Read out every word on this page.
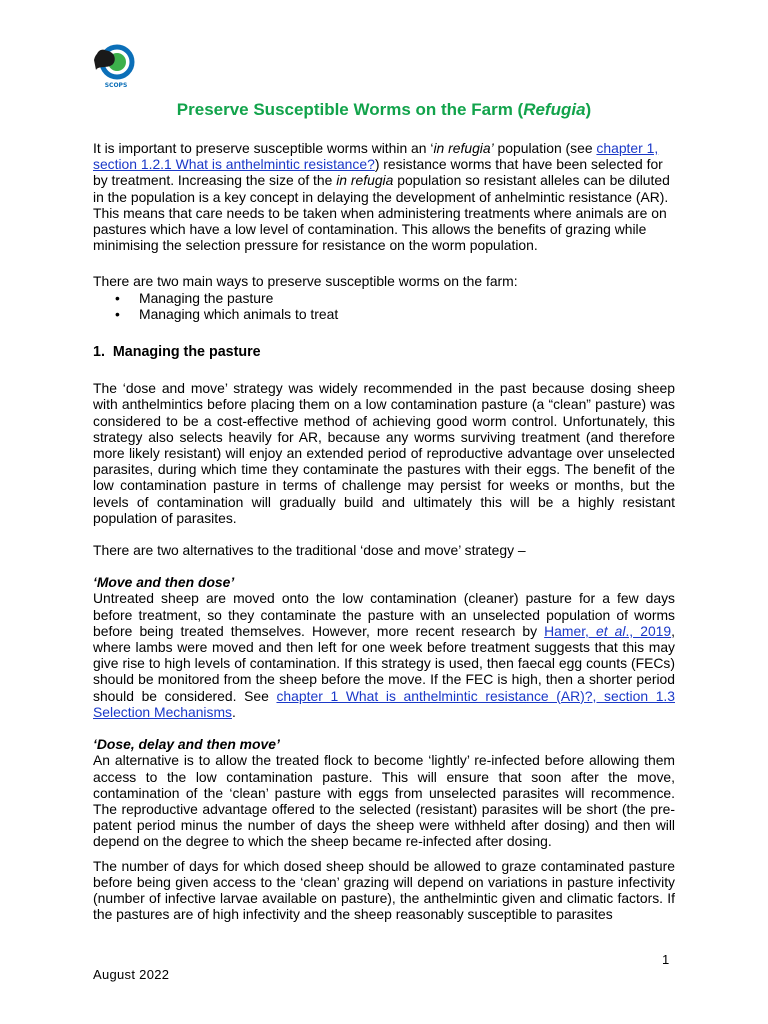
SCOPS
Preserve Susceptible Worms on the Farm (Refugia)

It is important to preserve susceptible worms within an ‘in refugia’ population (see chapter 1, section 1.2.1 What is anthelmintic resistance?) resistance worms that have been selected for by treatment. Increasing the size of the in refugia population so resistant alleles can be diluted in the population is a key concept in delaying the development of anhelmintic resistance (AR). This means that care needs to be taken when administering treatments where animals are on pastures which have a low level of contamination. This allows the benefits of grazing while minimising the selection pressure for resistance on the worm population.

There are two main ways to preserve susceptible worms on the farm:

• Managing the pasture
• Managing which animals to treat

1.  Managing the pasture

The ‘dose and move’ strategy was widely recommended in the past because dosing sheep with anthelmintics before placing them on a low contamination pasture (a “clean” pasture) was considered to be a cost-effective method of achieving good worm control. Unfortunately, this strategy also selects heavily for AR, because any worms surviving treatment (and therefore more likely resistant) will enjoy an extended period of reproductive advantage over unselected parasites, during which time they contaminate the pastures with their eggs. The benefit of the low contamination pasture in terms of challenge may persist for weeks or months, but the levels of contamination will gradually build and ultimately this will be a highly resistant population of parasites.

There are two alternatives to the traditional ‘dose and move’ strategy –

‘Move and then dose’

Untreated sheep are moved onto the low contamination (cleaner) pasture for a few days before treatment, so they contaminate the pasture with an unselected population of worms before being treated themselves. However, more recent research by Hamer, et al., 2019, where lambs were moved and then left for one week before treatment suggests that this may give rise to high levels of contamination. If this strategy is used, then faecal egg counts (FECs) should be monitored from the sheep before the move. If the FEC is high, then a shorter period should be considered. See chapter 1 What is anthelmintic resistance (AR)?, section 1.3 Selection Mechanisms.

‘Dose, delay and then move’

An alternative is to allow the treated flock to become ‘lightly’ re-infected before allowing them access to the low contamination pasture. This will ensure that soon after the move, contamination of the ‘clean’ pasture with eggs from unselected parasites will recommence. The reproductive advantage offered to the selected (resistant) parasites will be short (the pre-patent period minus the number of days the sheep were withheld after dosing) and then will depend on the degree to which the sheep became re-infected after dosing.

The number of days for which dosed sheep should be allowed to graze contaminated pasture before being given access to the ‘clean’ grazing will depend on variations in pasture infectivity (number of infective larvae available on pasture), the anthelmintic given and climatic factors. If the pastures are of high infectivity and the sheep reasonably susceptible to parasites

1
August 2022
